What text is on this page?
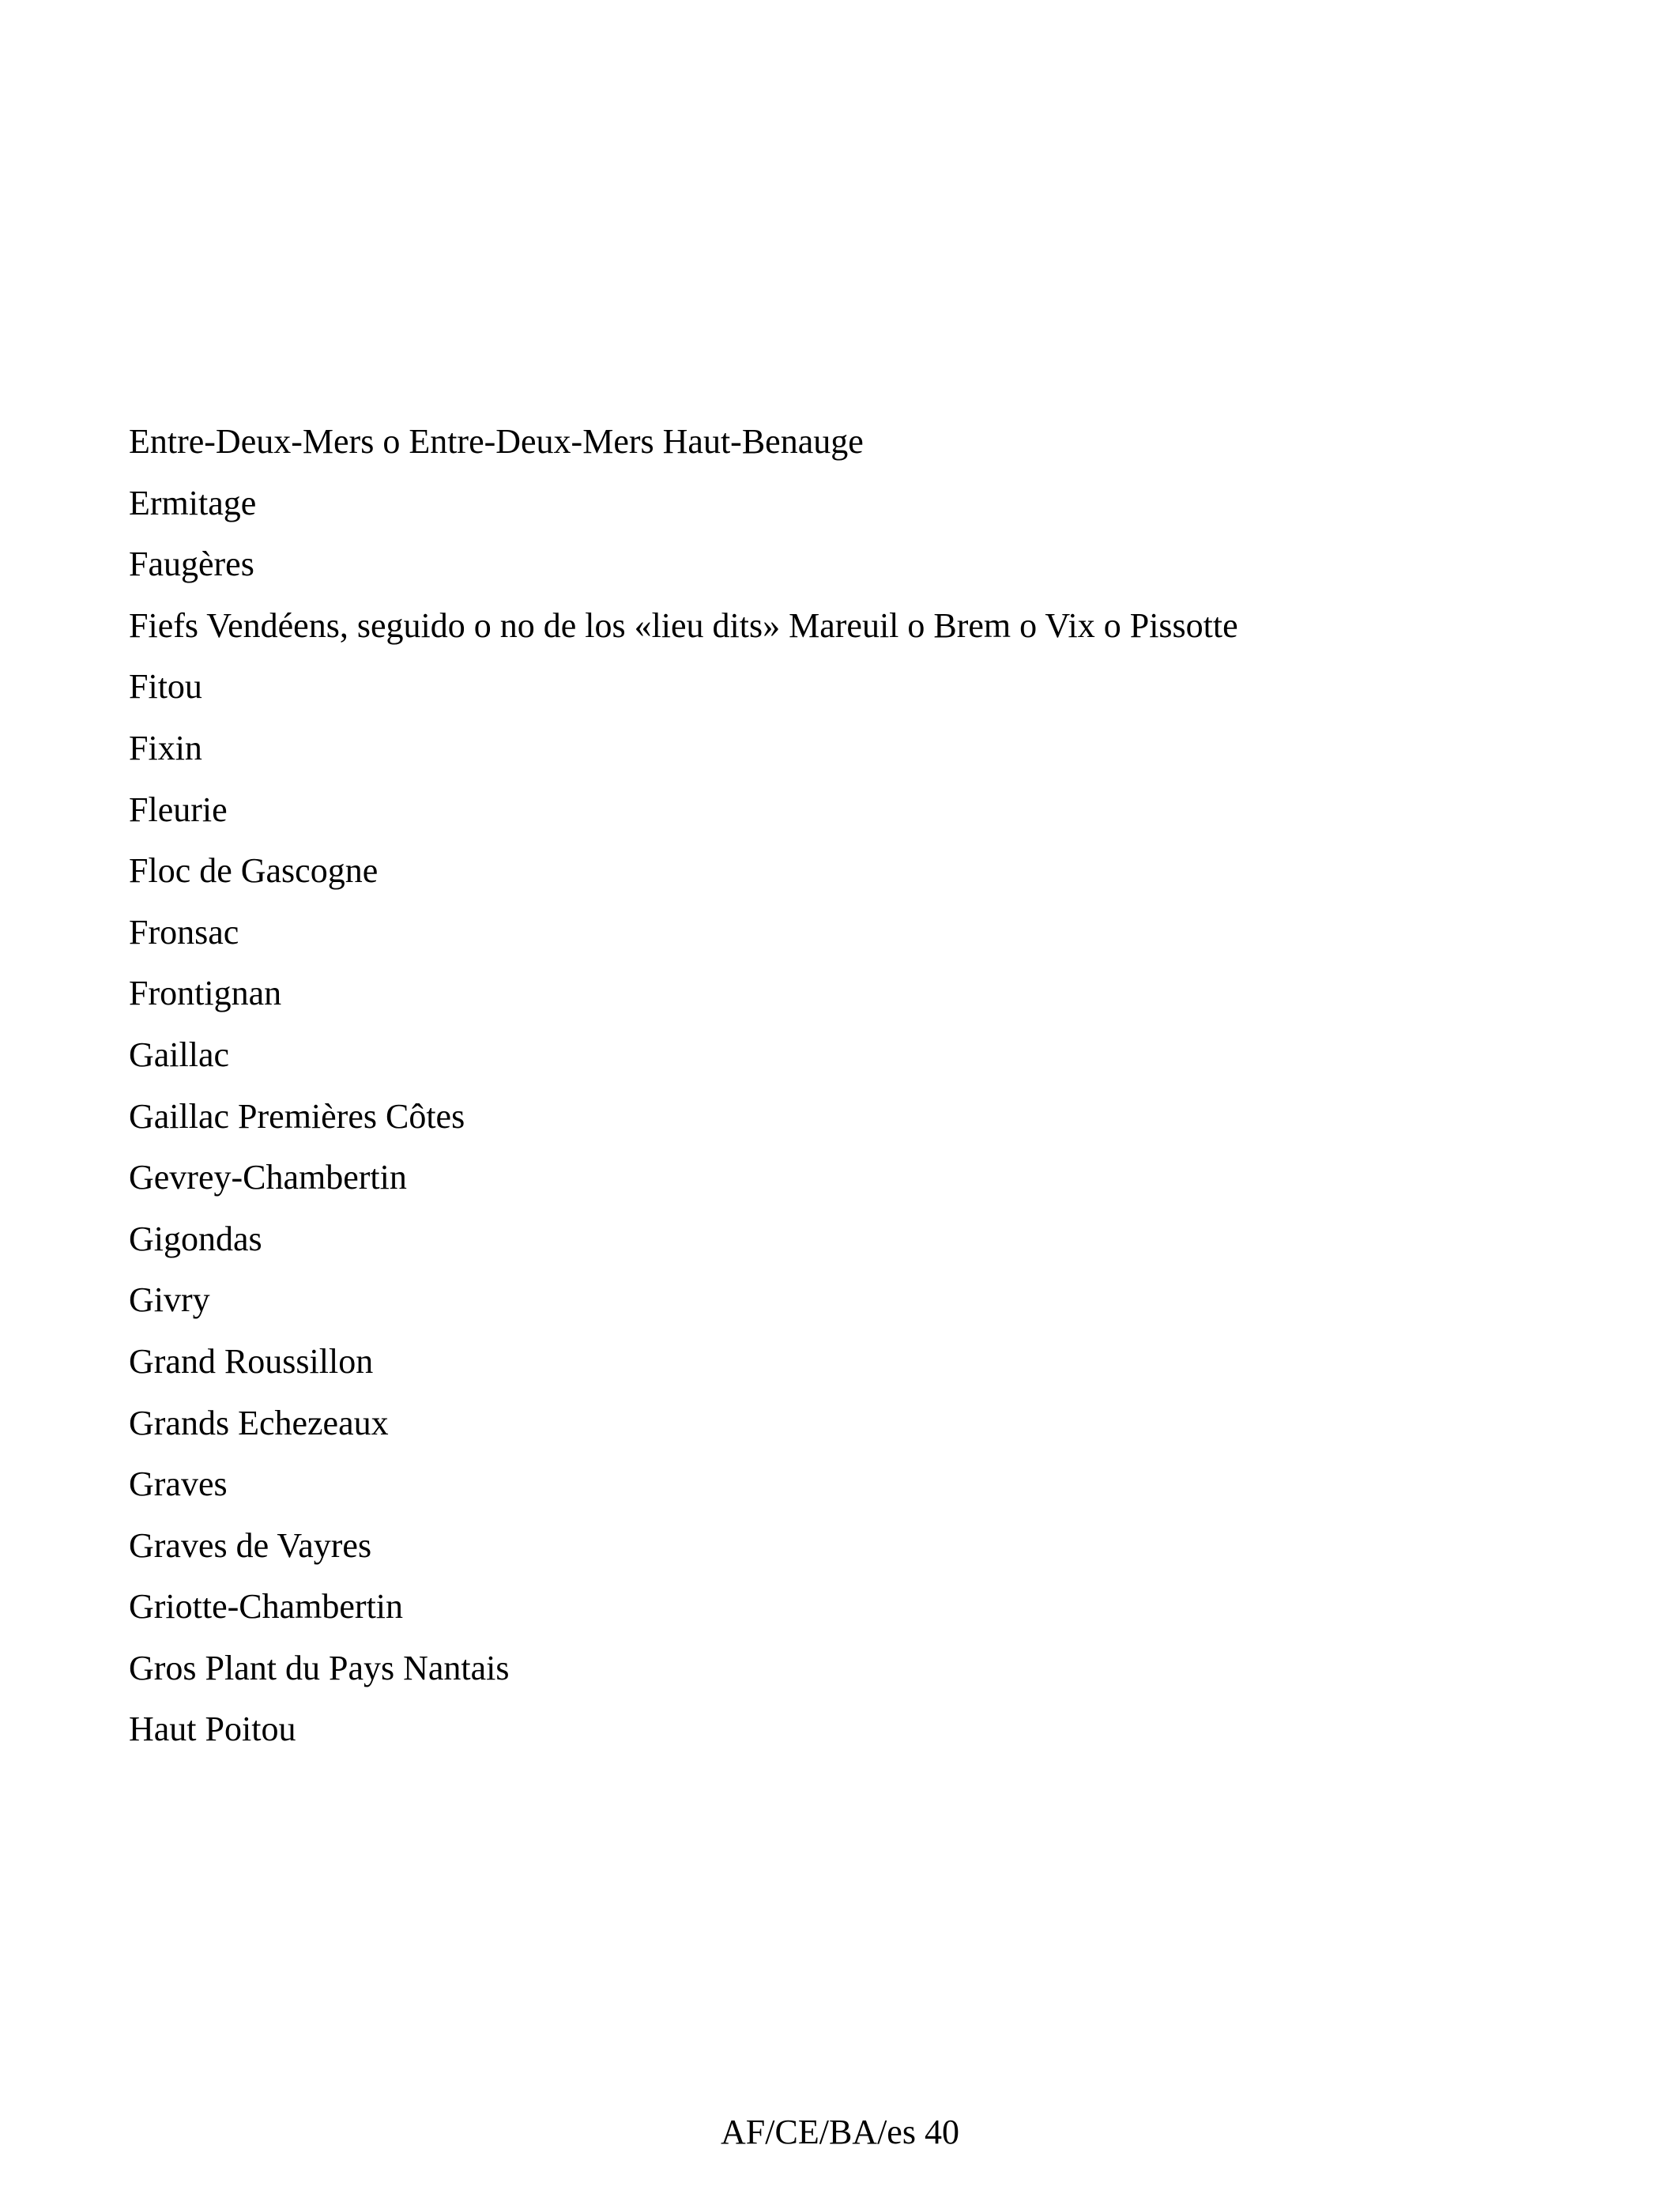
Entre-Deux-Mers o Entre-Deux-Mers Haut-Benauge
Ermitage
Faugères
Fiefs Vendéens, seguido o no de los «lieu dits» Mareuil o Brem o Vix o Pissotte
Fitou
Fixin
Fleurie
Floc de Gascogne
Fronsac
Frontignan
Gaillac
Gaillac Premières Côtes
Gevrey-Chambertin
Gigondas
Givry
Grand Roussillon
Grands Echezeaux
Graves
Graves de Vayres
Griotte-Chambertin
Gros Plant du Pays Nantais
Haut Poitou
AF/CE/BA/es 40
